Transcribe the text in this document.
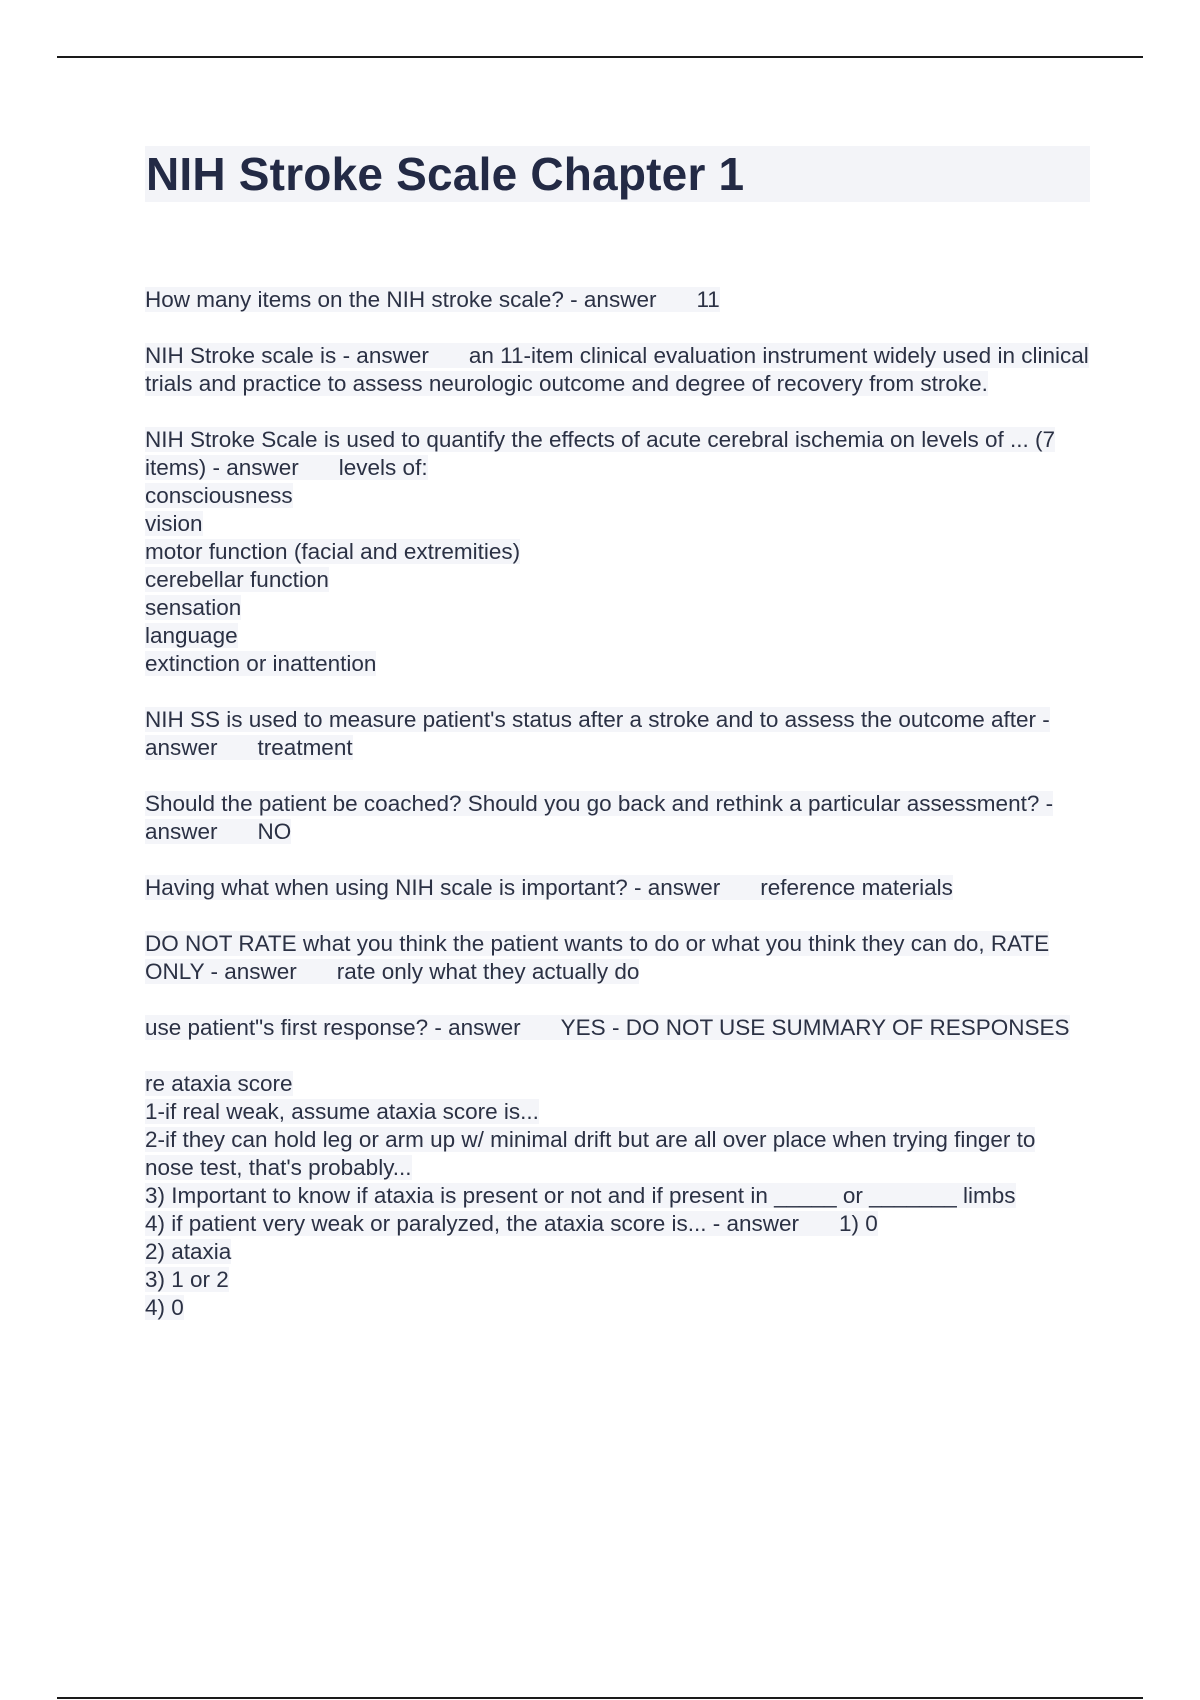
NIH Stroke Scale Chapter 1

How many items on the NIH stroke scale? - answer 11

NIH Stroke scale is - answer an 11-item clinical evaluation instrument widely used in clinical trials and practice to assess neurologic outcome and degree of recovery from stroke.

NIH Stroke Scale is used to quantify the effects of acute cerebral ischemia on levels of ... (7 items) - answer levels of:
consciousness
vision
motor function (facial and extremities)
cerebellar function
sensation
language
extinction or inattention

NIH SS is used to measure patient's status after a stroke and to assess the outcome after - answer treatment

Should the patient be coached? Should you go back and rethink a particular assessment? - answer NO

Having what when using NIH scale is important? - answer reference materials

DO NOT RATE what you think the patient wants to do or what you think they can do, RATE ONLY - answer rate only what they actually do

use patient"s first response? - answer YES - DO NOT USE SUMMARY OF RESPONSES

re ataxia score
1-if real weak, assume ataxia score is...
2-if they can hold leg or arm up w/ minimal drift but are all over place when trying finger to nose test, that's probably...
3) Important to know if ataxia is present or not and if present in _____ or _______ limbs
4) if patient very weak or paralyzed, the ataxia score is... - answer 1) 0
2) ataxia
3) 1 or 2
4) 0
